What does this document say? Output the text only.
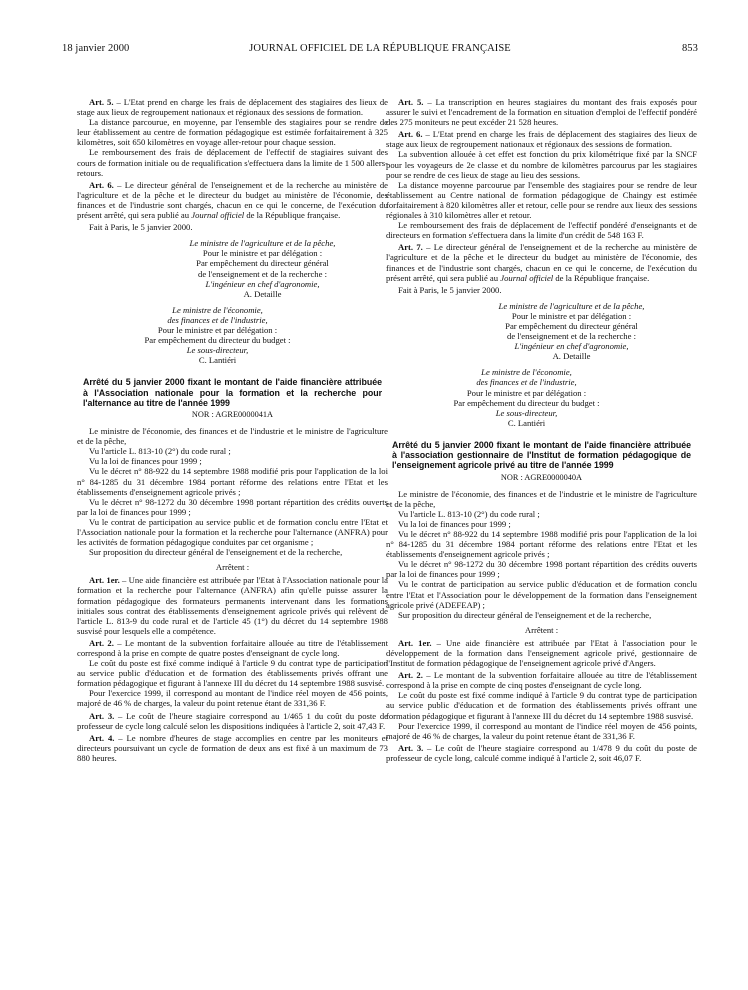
18 janvier 2000	JOURNAL OFFICIEL DE LA RÉPUBLIQUE FRANÇAISE	853

Art. 5. – L'Etat prend en charge les frais de déplacement des stagiaires des lieux de stage aux lieux de regroupement nationaux et régionaux des sessions de formation.

La distance parcourue, en moyenne, par l'ensemble des stagiaires pour se rendre de leur établissement au centre de formation pédagogique est estimée forfaitairement à 325 kilomètres, soit 650 kilomètres en voyage aller-retour pour chaque session.

Le remboursement des frais de déplacement de l'effectif de stagiaires suivant des cours de formation initiale ou de requalification s'effectuera dans la limite de 1 500 allers-retours.

Art. 6. – Le directeur général de l'enseignement et de la recherche au ministère de l'agriculture et de la pêche et le directeur du budget au ministère de l'économie, des finances et de l'industrie sont chargés, chacun en ce qui le concerne, de l'exécution du présent arrêté, qui sera publié au Journal officiel de la République française.

Fait à Paris, le 5 janvier 2000.

Le ministre de l'agriculture et de la pêche,
Pour le ministre et par délégation :
Par empêchement du directeur général
de l'enseignement et de la recherche :
L'ingénieur en chef d'agronomie,
A. Detaille
Le ministre de l'économie,
des finances et de l'industrie,
Pour le ministre et par délégation :
Par empêchement du directeur du budget :
Le sous-directeur,
C. Lantiéri
Arrêté du 5 janvier 2000 fixant le montant de l'aide financière attribuée à l'Association nationale pour la formation et la recherche pour l'alternance au titre de l'année 1999
NOR : AGRE0000041A

Le ministre de l'économie, des finances et de l'industrie et le ministre de l'agriculture et de la pêche,

Vu l'article L. 813-10 (2°) du code rural ;

Vu la loi de finances pour 1999 ;

Vu le décret n° 88-922 du 14 septembre 1988 modifié pris pour l'application de la loi n° 84-1285 du 31 décembre 1984 portant réforme des relations entre l'Etat et les établissements d'enseignement agricole privés ;

Vu le décret n° 98-1272 du 30 décembre 1998 portant répartition des crédits ouverts par la loi de finances pour 1999 ;

Vu le contrat de participation au service public et de formation conclu entre l'Etat et l'Association nationale pour la formation et la recherche pour l'alternance (ANFRA) pour les activités de formation pédagogique conduites par cet organisme ;

Sur proposition du directeur général de l'enseignement et de la recherche,

Arrêtent :

Art. 1er. – Une aide financière est attribuée par l'Etat à l'Association nationale pour la formation et la recherche pour l'alternance (ANFRA) afin qu'elle puisse assurer la formation pédagogique des formateurs permanents intervenant dans les formations initiales sous contrat des établissements d'enseignement agricole privés qui relèvent de l'article L. 813-9 du code rural et de l'article 45 (1°) du décret du 14 septembre 1988 susvisé pour lesquels elle a compétence.

Art. 2. – Le montant de la subvention forfaitaire allouée au titre de l'établissement correspond à la prise en compte de quatre postes d'enseignant de cycle long.

Le coût du poste est fixé comme indiqué à l'article 9 du contrat type de participation au service public d'éducation et de formation des établissements privés offrant une formation pédagogique et figurant à l'annexe III du décret du 14 septembre 1988 susvisé.

Pour l'exercice 1999, il correspond au montant de l'indice réel moyen de 456 points, majoré de 46 % de charges, la valeur du point retenue étant de 331,36 F.

Art. 3. – Le coût de l'heure stagiaire correspond au 1/465 1 du coût du poste de professeur de cycle long calculé selon les dispositions indiquées à l'article 2, soit 47,43 F.

Art. 4. – Le nombre d'heures de stage accomplies en centre par les moniteurs et directeurs poursuivant un cycle de formation de deux ans est fixé à un maximum de 73 880 heures.

Art. 5. – La transcription en heures stagiaires du montant des frais exposés pour assurer le suivi et l'encadrement de la formation en situation d'emploi de l'effectif pondéré des 275 moniteurs ne peut excéder 21 528 heures.

Art. 6. – L'Etat prend en charge les frais de déplacement des stagiaires des lieux de stage aux lieux de regroupement nationaux et régionaux des sessions de formation.

La subvention allouée à cet effet est fonction du prix kilométrique fixé par la SNCF pour les voyageurs de 2e classe et du nombre de kilomètres parcourus par les stagiaires pour se rendre de ces lieux de stage au lieu des sessions.

La distance moyenne parcourue par l'ensemble des stagiaires pour se rendre de leur établissement au Centre national de formation pédagogique de Chaingy est estimée forfaitairement à 820 kilomètres aller et retour, celle pour se rendre aux lieux des sessions régionales à 310 kilomètres aller et retour.

Le remboursement des frais de déplacement de l'effectif pondéré d'enseignants et de directeurs en formation s'effectuera dans la limite d'un crédit de 548 163 F.

Art. 7. – Le directeur général de l'enseignement et de la recherche au ministère de l'agriculture et de la pêche et le directeur du budget au ministère de l'économie, des finances et de l'industrie sont chargés, chacun en ce qui le concerne, de l'exécution du présent arrêté, qui sera publié au Journal officiel de la République française.

Fait à Paris, le 5 janvier 2000.

Le ministre de l'agriculture et de la pêche,
Pour le ministre et par délégation :
Par empêchement du directeur général
de l'enseignement et de la recherche :
L'ingénieur en chef d'agronomie,
A. Detaille
Le ministre de l'économie,
des finances et de l'industrie,
Pour le ministre et par délégation :
Par empêchement du directeur du budget :
Le sous-directeur,
C. Lantiéri
Arrêté du 5 janvier 2000 fixant le montant de l'aide financière attribuée à l'association gestionnaire de l'Institut de formation pédagogique de l'enseignement agricole privé au titre de l'année 1999
NOR : AGRE0000040A

Le ministre de l'économie, des finances et de l'industrie et le ministre de l'agriculture et de la pêche,

Vu l'article L. 813-10 (2°) du code rural ;

Vu la loi de finances pour 1999 ;

Vu le décret n° 88-922 du 14 septembre 1988 modifié pris pour l'application de la loi n° 84-1285 du 31 décembre 1984 portant réforme des relations entre l'Etat et les établissements d'enseignement agricole privés ;

Vu le décret n° 98-1272 du 30 décembre 1998 portant répartition des crédits ouverts par la loi de finances pour 1999 ;

Vu le contrat de participation au service public d'éducation et de formation conclu entre l'Etat et l'Association pour le développement de la formation dans l'enseignement agricole privé (ADEFEAP) ;

Sur proposition du directeur général de l'enseignement et de la recherche,

Arrêtent :

Art. 1er. – Une aide financière est attribuée par l'Etat à l'association pour le développement de la formation dans l'enseignement agricole privé, gestionnaire de l'Institut de formation pédagogique de l'enseignement agricole privé d'Angers.

Art. 2. – Le montant de la subvention forfaitaire allouée au titre de l'établissement correspond à la prise en compte de cinq postes d'enseignant de cycle long.

Le coût du poste est fixé comme indiqué à l'article 9 du contrat type de participation au service public d'éducation et de formation des établissements privés offrant une formation pédagogique et figurant à l'annexe III du décret du 14 septembre 1988 susvisé.

Pour l'exercice 1999, il correspond au montant de l'indice réel moyen de 456 points, majoré de 46 % de charges, la valeur du point retenue étant de 331,36 F.

Art. 3. – Le coût de l'heure stagiaire correspond au 1/478 9 du coût du poste de professeur de cycle long, calculé comme indiqué à l'article 2, soit 46,07 F.
